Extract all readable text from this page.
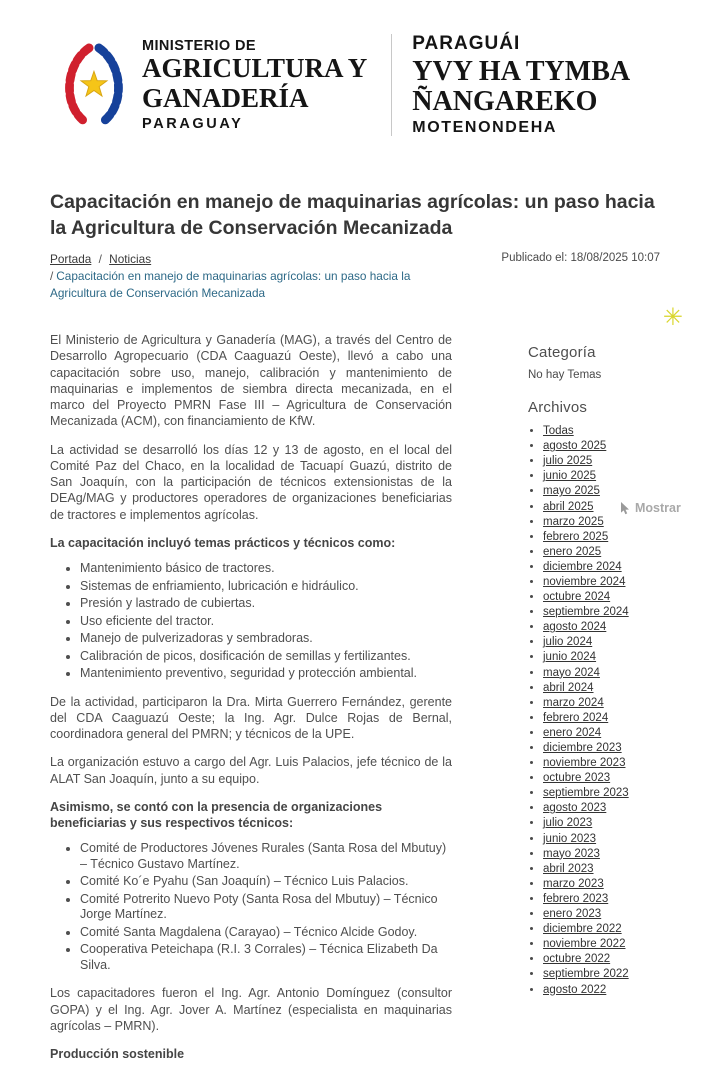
MINISTERIO DE
AGRICULTURA Y
GANADERÍA
PARAGUAY
PARAGUÁI
YVY HA TYMBA
ÑANGAREKO
MOTENONDEHA
Capacitación en manejo de maquinarias agrícolas: un paso hacia la Agricultura de Conservación Mecanizada
Portada / Noticias	Publicado el: 18/08/2025 10:07
/ Capacitación en manejo de maquinarias agrícolas: un paso hacia la Agricultura de Conservación Mecanizada

El Ministerio de Agricultura y Ganadería (MAG), a través del Centro de Desarrollo Agropecuario (CDA Caaguazú Oeste), llevó a cabo una capacitación sobre uso, manejo, calibración y mantenimiento de maquinarias e implementos de siembra directa mecanizada, en el marco del Proyecto PMRN Fase III – Agricultura de Conservación Mecanizada (ACM), con financiamiento de KfW.

La actividad se desarrolló los días 12 y 13 de agosto, en el local del Comité Paz del Chaco, en la localidad de Tacuapí Guazú, distrito de San Joaquín, con la participación de técnicos extensionistas de la DEAg/MAG y productores operadores de organizaciones beneficiarias de tractores e implementos agrícolas.

La capacitación incluyó temas prácticos y técnicos como:

• Mantenimiento básico de tractores.
• Sistemas de enfriamiento, lubricación e hidráulico.
• Presión y lastrado de cubiertas.
• Uso eficiente del tractor.
• Manejo de pulverizadoras y sembradoras.
• Calibración de picos, dosificación de semillas y fertilizantes.
• Mantenimiento preventivo, seguridad y protección ambiental.

De la actividad, participaron la Dra. Mirta Guerrero Fernández, gerente del CDA Caaguazú Oeste; la Ing. Agr. Dulce Rojas de Bernal, coordinadora general del PMRN; y técnicos de la UPE.

La organización estuvo a cargo del Agr. Luis Palacios, jefe técnico de la ALAT San Joaquín, junto a su equipo.

Asimismo, se contó con la presencia de organizaciones beneficiarias y sus respectivos técnicos:

• Comité de Productores Jóvenes Rurales (Santa Rosa del Mbutuy) – Técnico Gustavo Martínez.
• Comité Ko´e Pyahu (San Joaquín) – Técnico Luis Palacios.
• Comité Potrerito Nuevo Poty (Santa Rosa del Mbutuy) – Técnico Jorge Martínez.
• Comité Santa Magdalena (Carayao) – Técnico Alcide Godoy.
• Cooperativa Peteichapa (R.I. 3 Corrales) – Técnica Elizabeth Da Silva.

Los capacitadores fueron el Ing. Agr. Antonio Domínguez (consultor GOPA) y el Ing. Agr. Jover A. Martínez (especialista en maquinarias agrícolas – PMRN).

Producción sostenible

Categoría
No hay Temas
Archivos
• Todas
• agosto 2025
• julio 2025
• junio 2025
• mayo 2025
• abril 2025
• marzo 2025
• febrero 2025
• enero 2025
• diciembre 2024
• noviembre 2024
• octubre 2024
• septiembre 2024
• agosto 2024
• julio 2024
• junio 2024
• mayo 2024
• abril 2024
• marzo 2024
• febrero 2024
• enero 2024
• diciembre 2023
• noviembre 2023
• octubre 2023
• septiembre 2023
• agosto 2023
• julio 2023
• junio 2023
• mayo 2023
• abril 2023
• marzo 2023
• febrero 2023
• enero 2023
• diciembre 2022
• noviembre 2022
• octubre 2022
• septiembre 2022
• agosto 2022
✳
Mostrar
